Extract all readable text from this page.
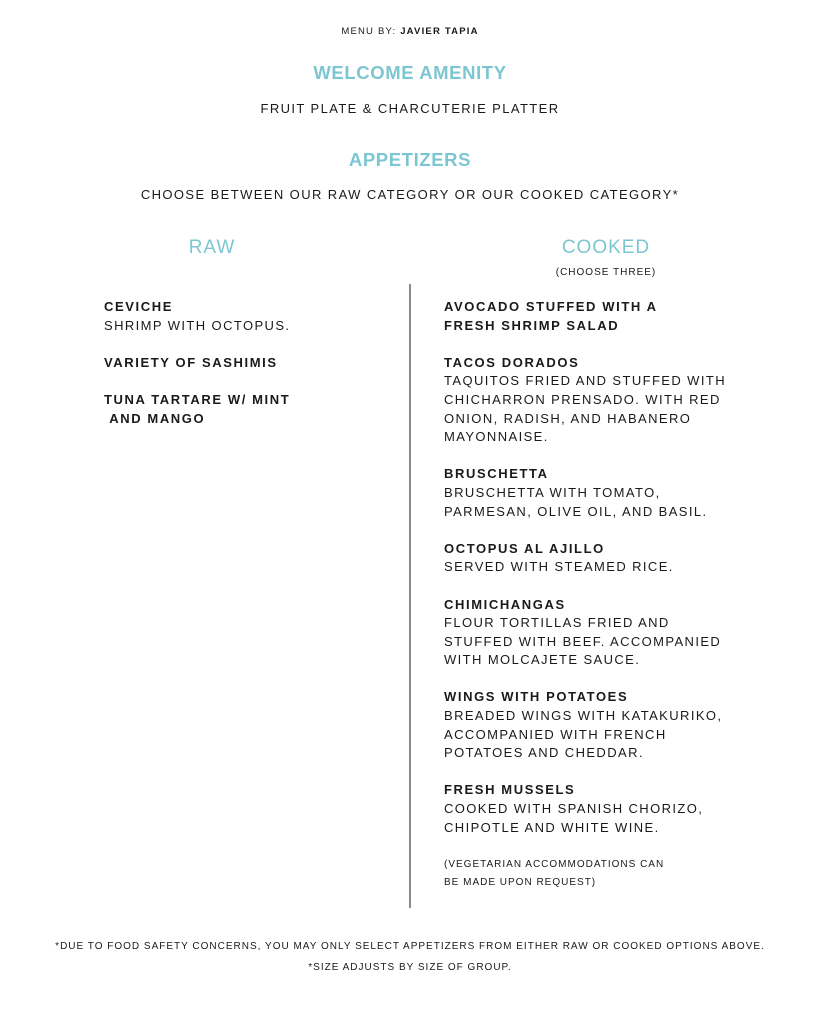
MENU BY: JAVIER TAPIA
WELCOME AMENITY
FRUIT PLATE & CHARCUTERIE PLATTER
APPETIZERS
CHOOSE BETWEEN OUR RAW CATEGORY OR OUR COOKED CATEGORY*
RAW	COOKED
(CHOOSE THREE)
CEVICHE
SHRIMP WITH OCTOPUS.
VARIETY OF SASHIMIS
TUNA TARTARE W/ MINT
AND MANGO
AVOCADO STUFFED WITH A
FRESH SHRIMP SALAD
TACOS DORADOS
TAQUITOS FRIED AND STUFFED WITH
CHICHARRON PRENSADO. WITH RED
ONION, RADISH, AND HABANERO
MAYONNAISE.
BRUSCHETTA
BRUSCHETTA WITH TOMATO,
PARMESAN, OLIVE OIL, AND BASIL.
OCTOPUS AL AJILLO
SERVED WITH STEAMED RICE.
CHIMICHANGAS
FLOUR TORTILLAS FRIED AND
STUFFED WITH BEEF. ACCOMPANIED
WITH MOLCAJETE SAUCE.
WINGS WITH POTATOES
BREADED WINGS WITH KATAKURIKO,
ACCOMPANIED WITH FRENCH
POTATOES AND CHEDDAR.
FRESH MUSSELS
COOKED WITH SPANISH CHORIZO,
CHIPOTLE AND WHITE WINE.
(VEGETARIAN ACCOMMODATIONS CAN
BE MADE UPON REQUEST)
*DUE TO FOOD SAFETY CONCERNS, YOU MAY ONLY SELECT APPETIZERS FROM EITHER RAW OR COOKED OPTIONS ABOVE.
*SIZE ADJUSTS BY SIZE OF GROUP.
